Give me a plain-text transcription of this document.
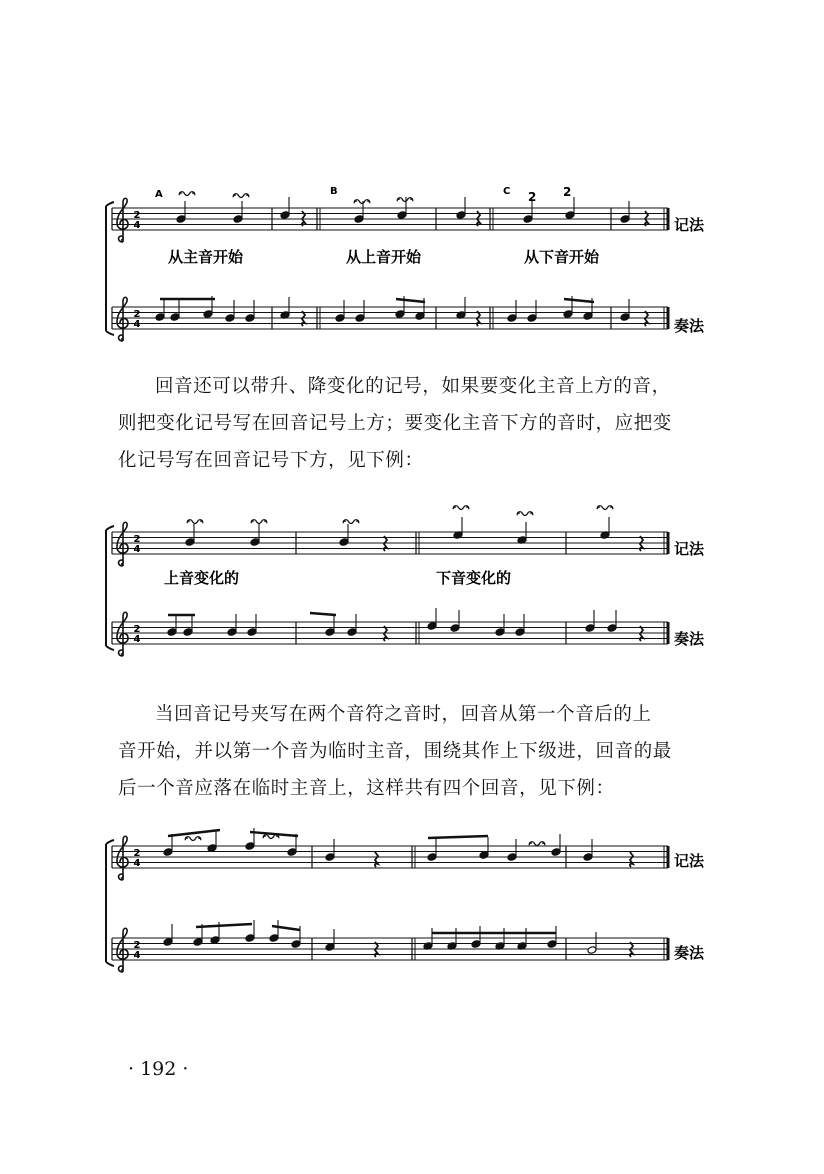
A	B	C 2 2
从主音开始	从上音开始	从下音开始
记法
奏法

回音还可以带升、降变化的记号，如果要变化主音上方的音，
则把变化记号写在回音记号上方；要变化主音下方的音时，应把变
化记号写在回音记号下方，见下例：

上音变化的	下音变化的
记法
奏法

当回音记号夹写在两个音符之音时，回音从第一个音后的上
音开始，并以第一个音为临时主音，围绕其作上下级进，回音的最
后一个音应落在临时主音上，这样共有四个回音，见下例：

记法
奏法
· 192 ·
